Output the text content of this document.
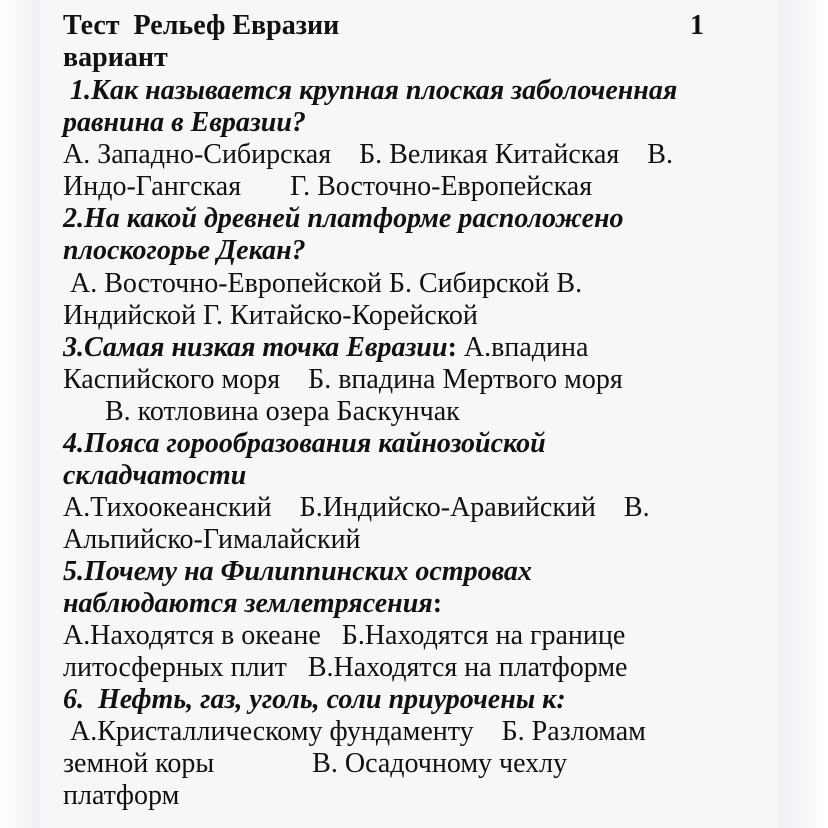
Тест  Рельеф Евразии	1
вариант
1.Как называется крупная плоская заболоченная
равнина в Евразии?
А. Западно-Сибирская    Б. Великая Китайская    В.
Индо-Гангская       Г. Восточно-Европейская
2.На какой древней платформе расположено
плоскогорье Декан?
А. Восточно-Европейской Б. Сибирской В.
Индийской Г. Китайско-Корейской
3.Самая низкая точка Евразии: А.впадина
Каспийского моря    Б. впадина Мертвого моря
В. котловина озера Баскунчак
4.Пояса горообразования кайнозойской
складчатости
А.Тихоокеанский    Б.Индийско-Аравийский    В.
Альпийско-Гималайский
5.Почему на Филиппинских островах
наблюдаются землетрясения:
А.Находятся в океане   Б.Находятся на границе
литосферных плит   В.Находятся на платформе
6.  Нефть, газ, уголь, соли приурочены к:
А.Кристаллическому фундаменту    Б. Разломам
земной коры              В. Осадочному чехлу
платформ
